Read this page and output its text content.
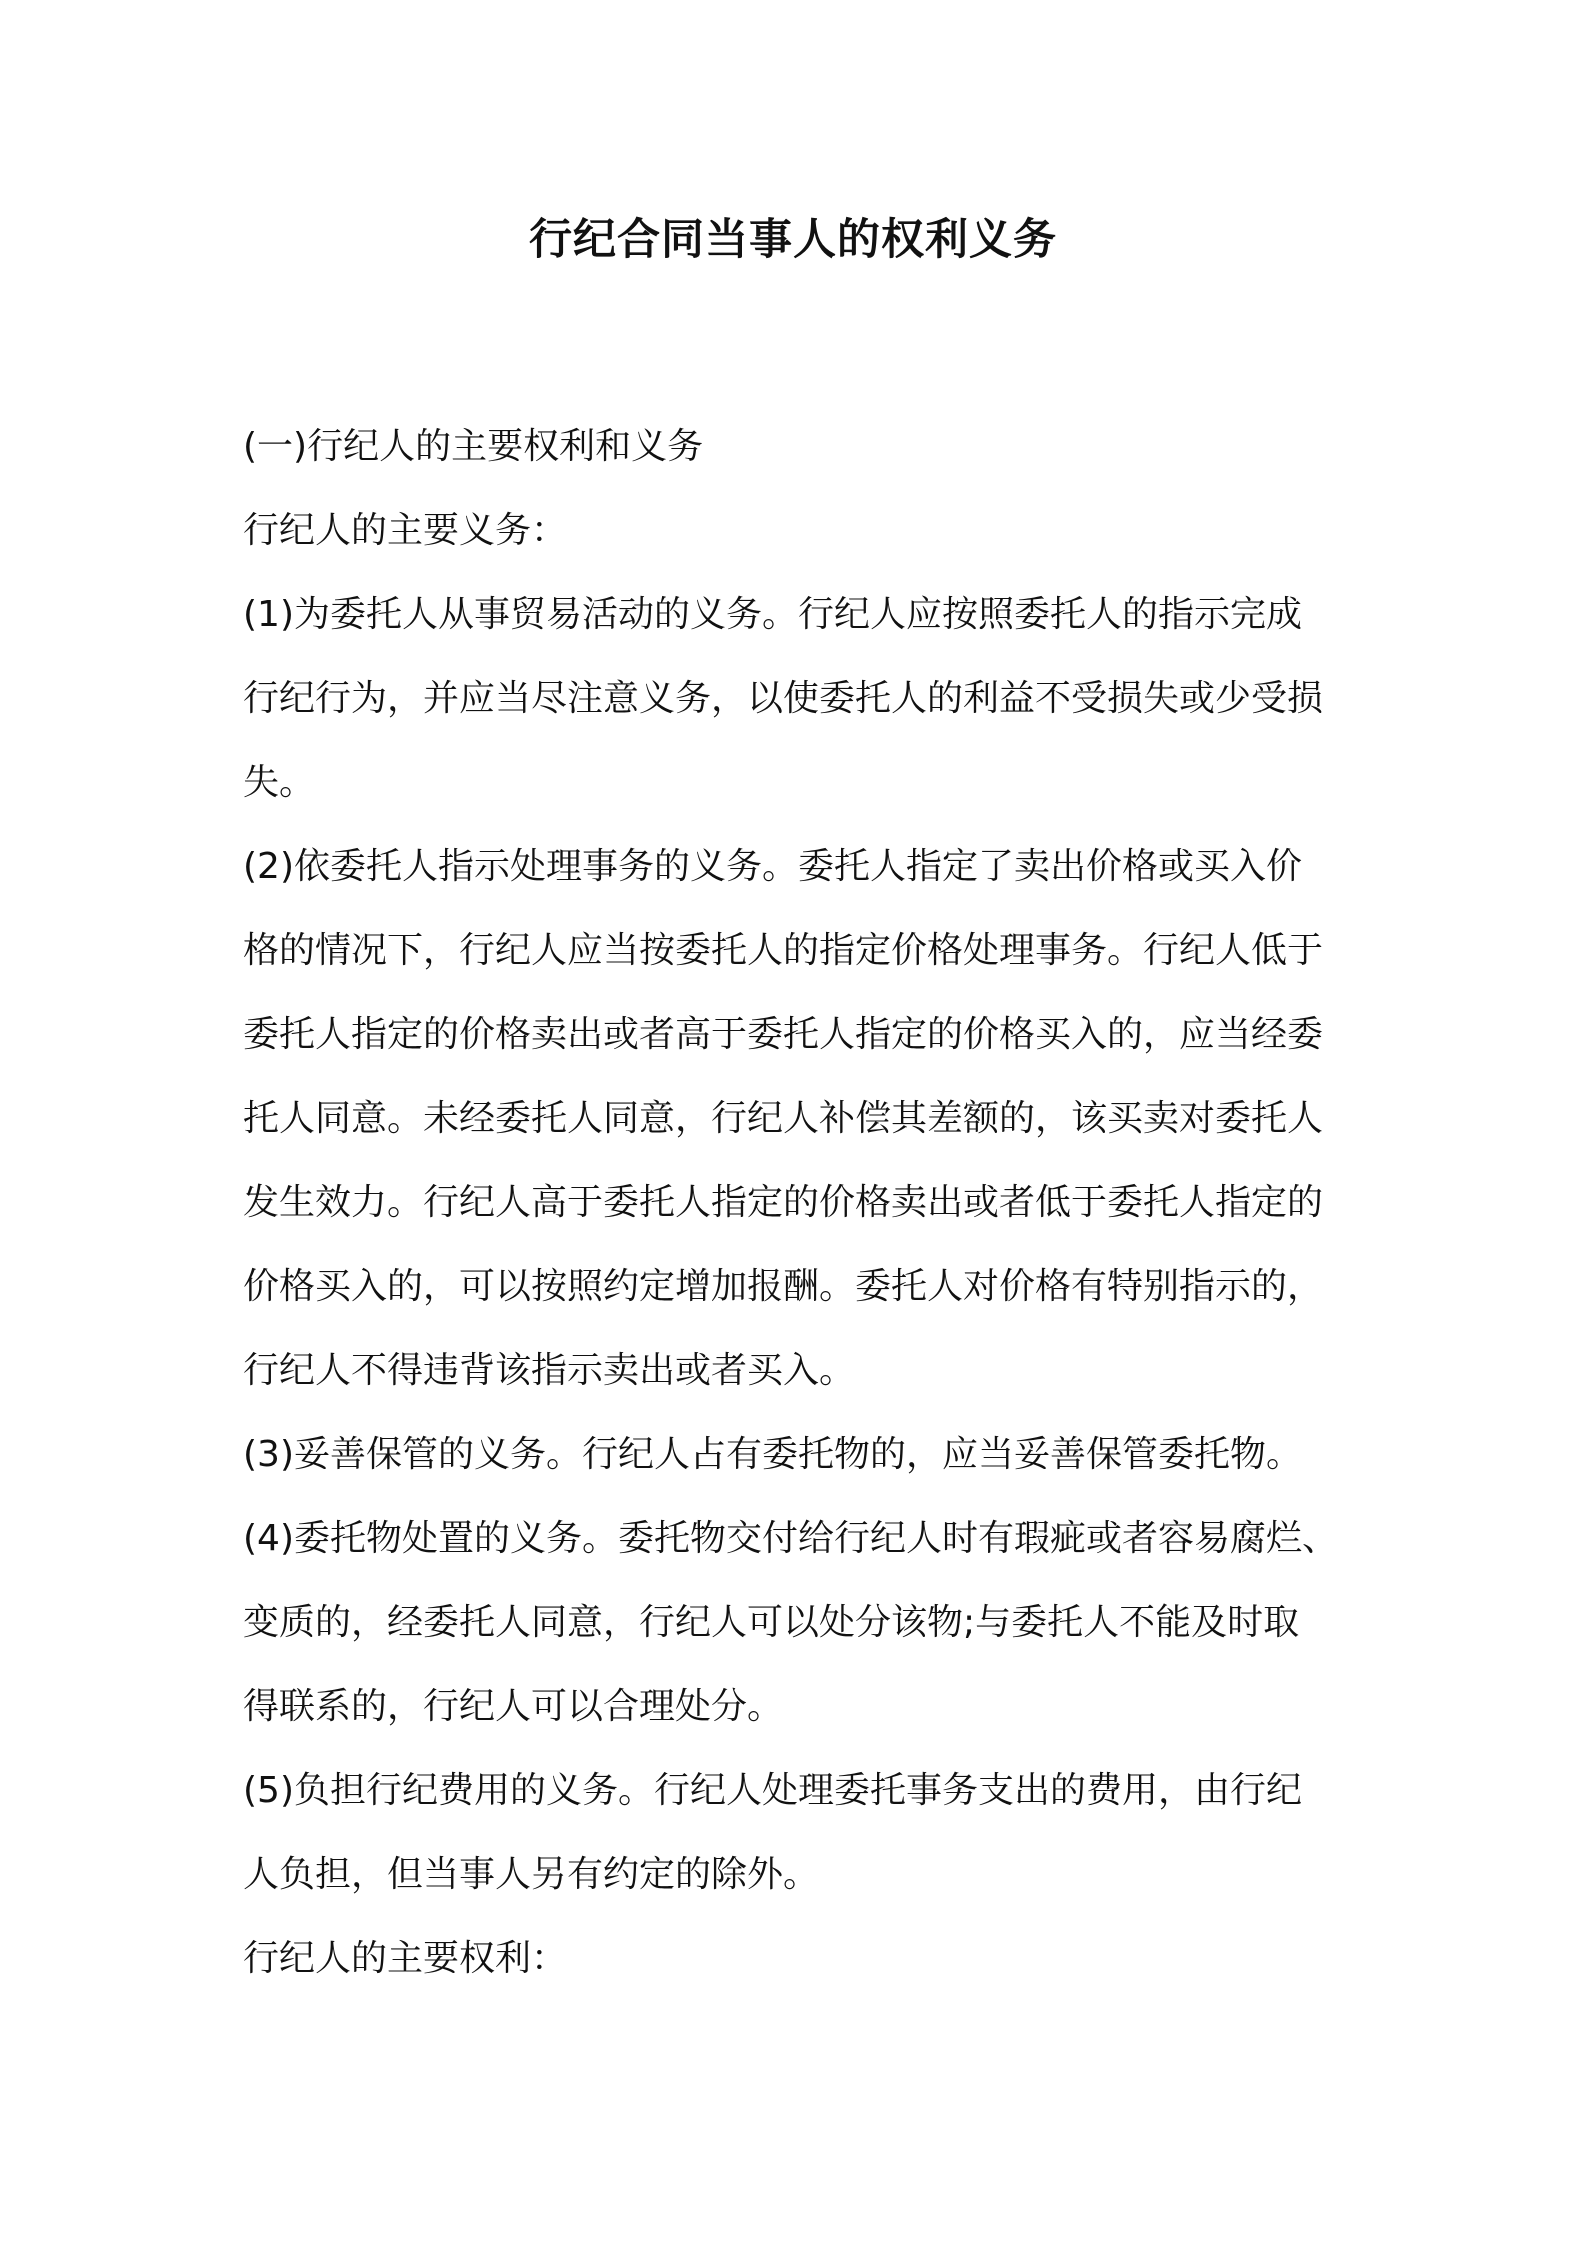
行纪合同当事人的权利义务
(一)行纪人的主要权利和义务
行纪人的主要义务：
(1)为委托人从事贸易活动的义务。行纪人应按照委托人的指示完成
行纪行为，并应当尽注意义务，以使委托人的利益不受损失或少受损
失。
(2)依委托人指示处理事务的义务。委托人指定了卖出价格或买入价
格的情况下，行纪人应当按委托人的指定价格处理事务。行纪人低于
委托人指定的价格卖出或者高于委托人指定的价格买入的，应当经委
托人同意。未经委托人同意，行纪人补偿其差额的，该买卖对委托人
发生效力。行纪人高于委托人指定的价格卖出或者低于委托人指定的
价格买入的，可以按照约定增加报酬。委托人对价格有特别指示的，
行纪人不得违背该指示卖出或者买入。
(3)妥善保管的义务。行纪人占有委托物的，应当妥善保管委托物。
(4)委托物处置的义务。委托物交付给行纪人时有瑕疵或者容易腐烂、
变质的，经委托人同意，行纪人可以处分该物;与委托人不能及时取
得联系的，行纪人可以合理处分。
(5)负担行纪费用的义务。行纪人处理委托事务支出的费用，由行纪
人负担，但当事人另有约定的除外。
行纪人的主要权利：
